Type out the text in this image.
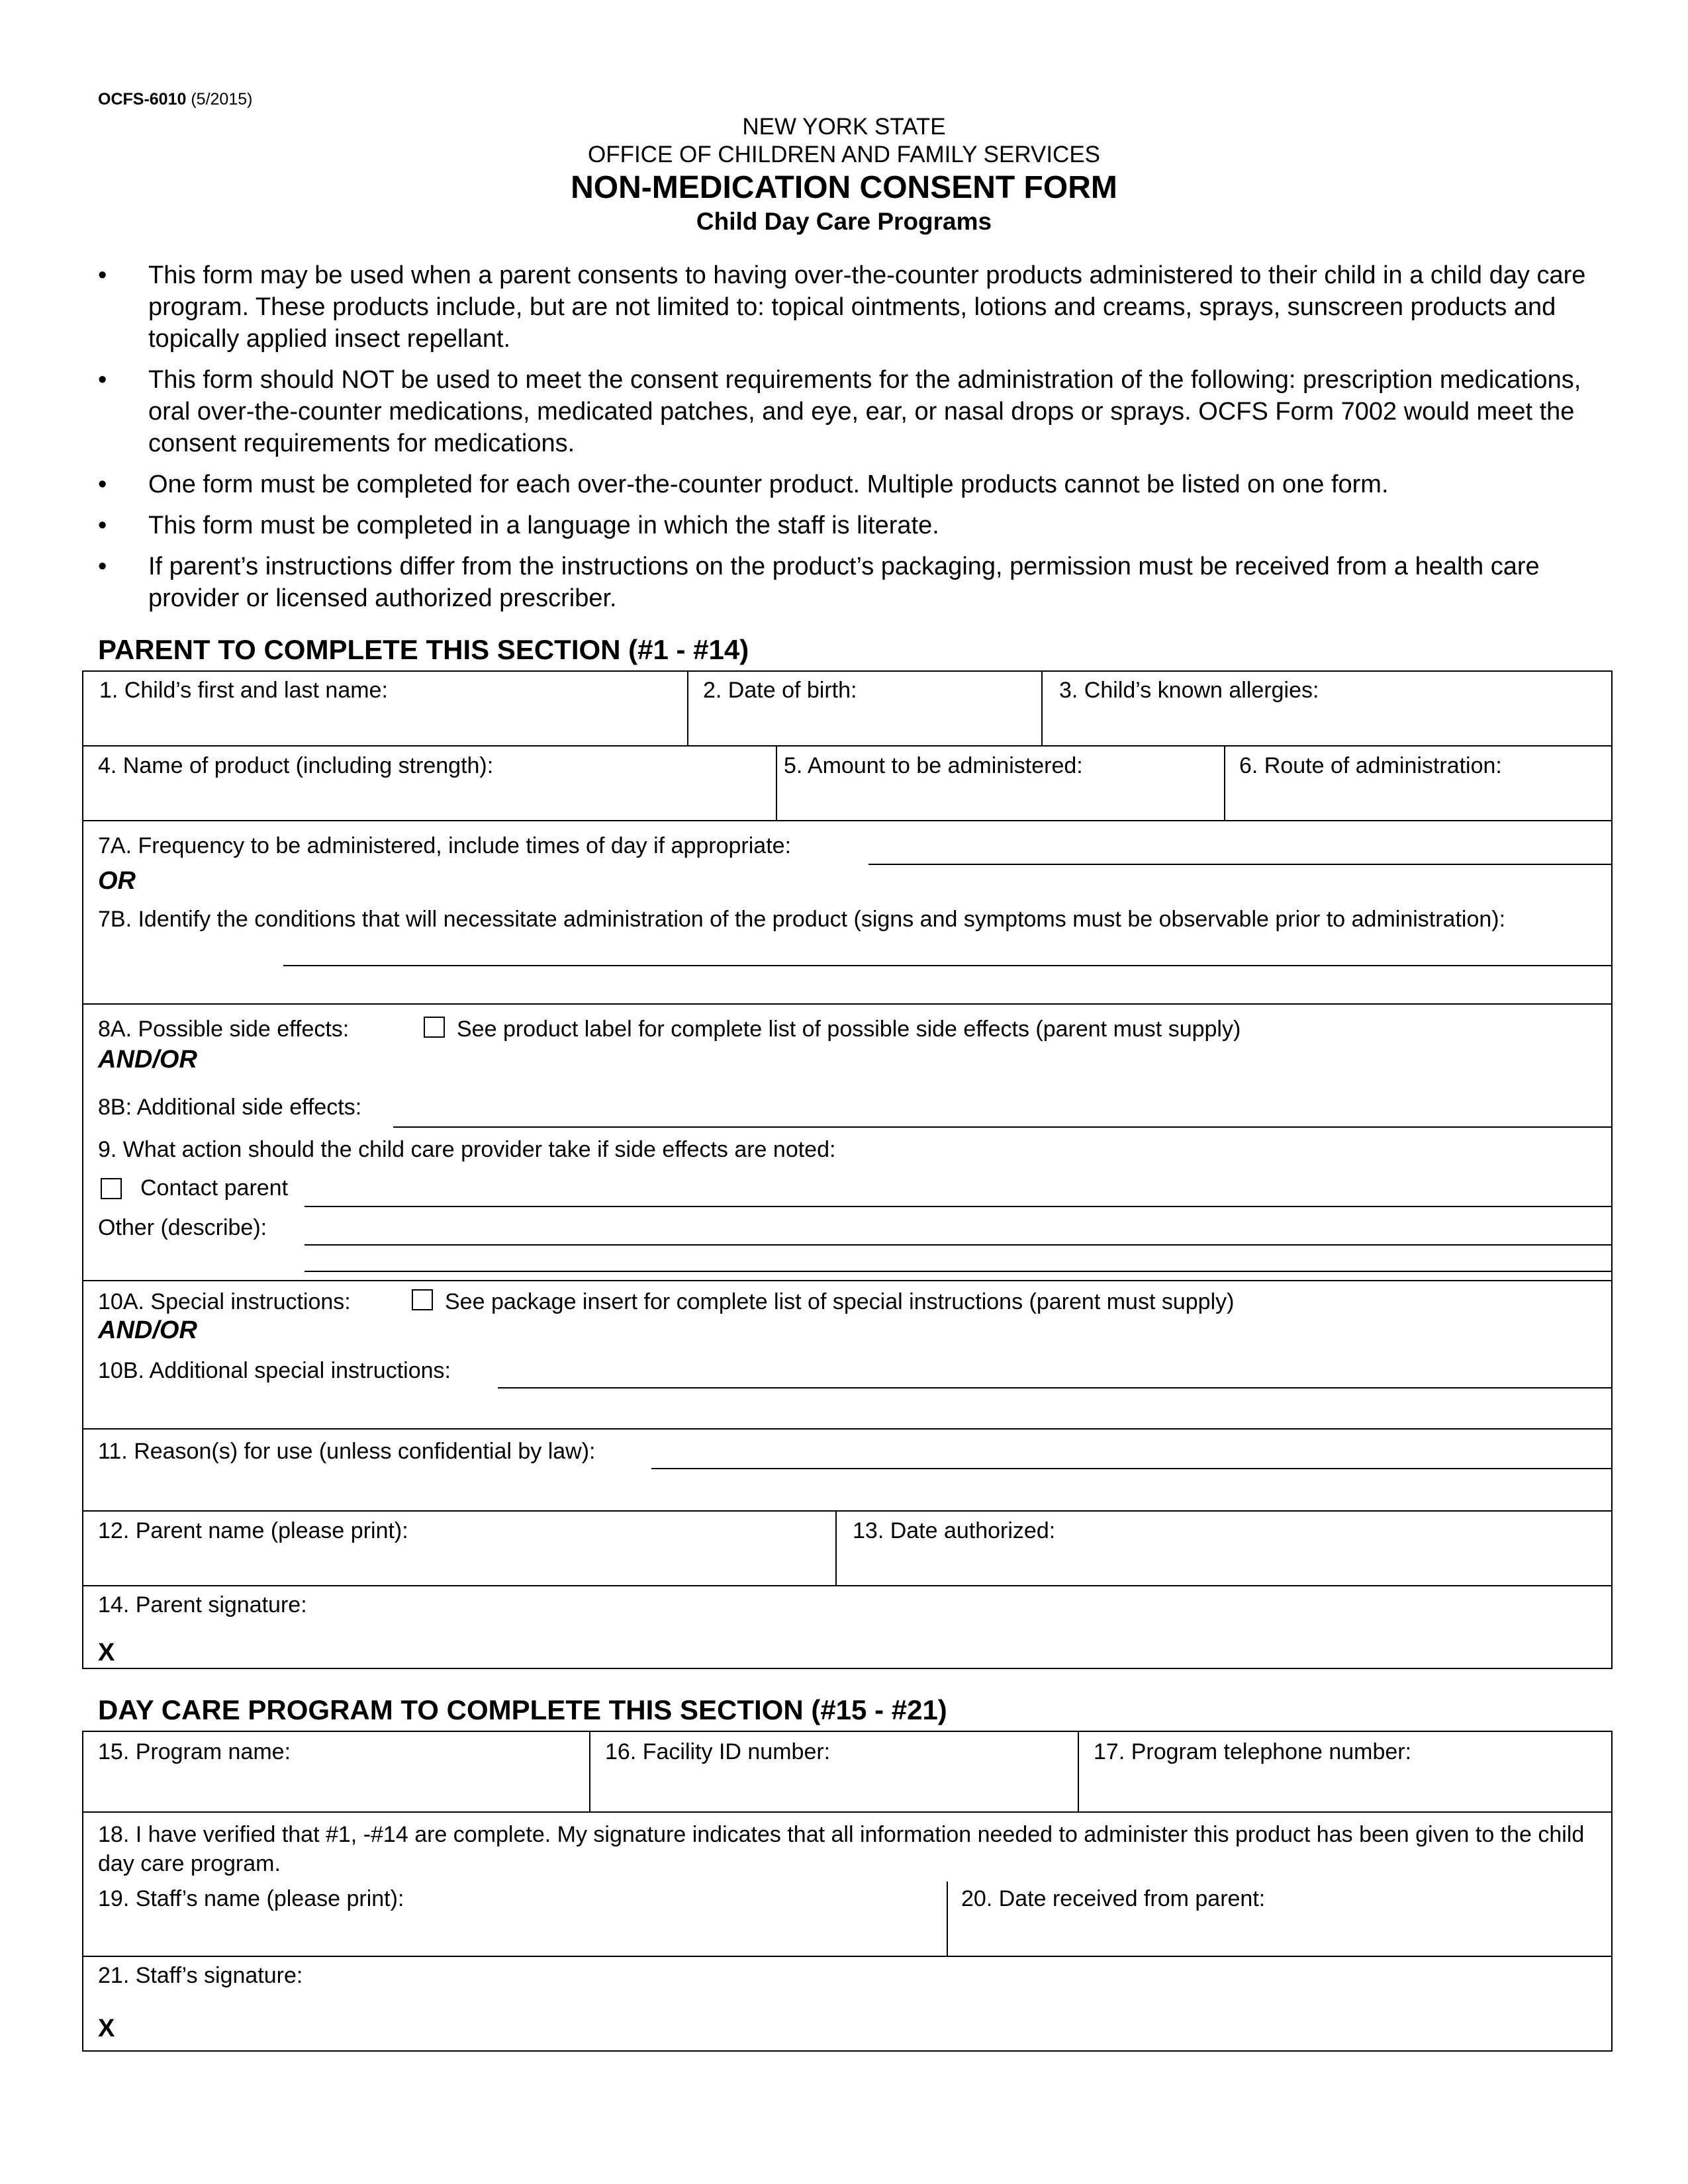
OCFS-6010 (5/2015)
NEW YORK STATE
OFFICE OF CHILDREN AND FAMILY SERVICES
NON-MEDICATION CONSENT FORM
Child Day Care Programs
• This form may be used when a parent consents to having over-the-counter products administered to their child in a child day care program. These products include, but are not limited to: topical ointments, lotions and creams, sprays, sunscreen products and topically applied insect repellant.
• This form should NOT be used to meet the consent requirements for the administration of the following: prescription medications, oral over-the-counter medications, medicated patches, and eye, ear, or nasal drops or sprays. OCFS Form 7002 would meet the consent requirements for medications.
• One form must be completed for each over-the-counter product. Multiple products cannot be listed on one form.
• This form must be completed in a language in which the staff is literate.
• If parent’s instructions differ from the instructions on the product’s packaging, permission must be received from a health care provider or licensed authorized prescriber.
PARENT TO COMPLETE THIS SECTION (#1 - #14)
1. Child’s first and last name:	2. Date of birth:	3. Child’s known allergies:
4. Name of product (including strength):	5. Amount to be administered:	6. Route of administration:
7A. Frequency to be administered, include times of day if appropriate:
OR
7B. Identify the conditions that will necessitate administration of the product (signs and symptoms must be observable prior to administration):
8A. Possible side effects:	See product label for complete list of possible side effects (parent must supply)
AND/OR
8B: Additional side effects:
9. What action should the child care provider take if side effects are noted:
Contact parent
Other (describe):
10A. Special instructions:	See package insert for complete list of special instructions (parent must supply)
AND/OR
10B. Additional special instructions:
11. Reason(s) for use (unless confidential by law):
12. Parent name (please print):	13. Date authorized:
14. Parent signature:
X
DAY CARE PROGRAM TO COMPLETE THIS SECTION (#15 - #21)
15. Program name:	16. Facility ID number:	17. Program telephone number:
18. I have verified that #1, -#14 are complete. My signature indicates that all information needed to administer this product has been given to the child day care program.
19. Staff’s name (please print):	20. Date received from parent:
21. Staff’s signature:
X
